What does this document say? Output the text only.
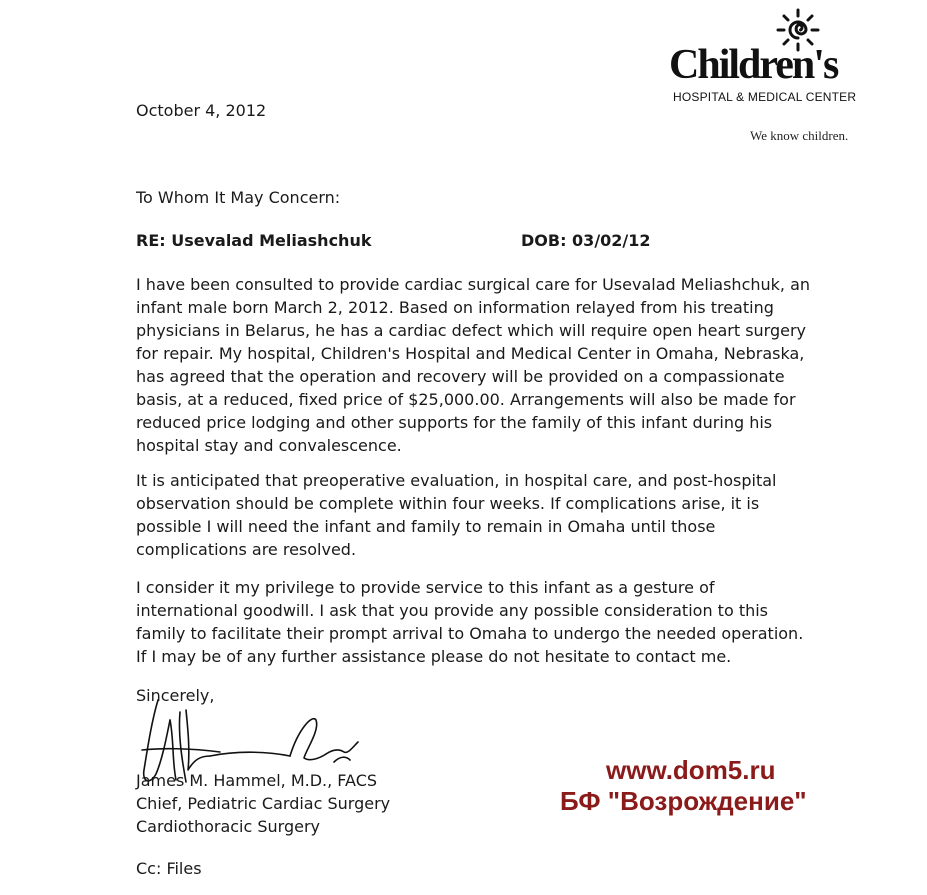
Children's
HOSPITAL & MEDICAL CENTER
We know children.
October 4, 2012
To Whom It May Concern:
RE: Usevalad Meliashchuk	DOB: 03/02/12
I have been consulted to provide cardiac surgical care for Usevalad Meliashchuk, an
infant male born March 2, 2012. Based on information relayed from his treating
physicians in Belarus, he has a cardiac defect which will require open heart surgery
for repair. My hospital, Children's Hospital and Medical Center in Omaha, Nebraska,
has agreed that the operation and recovery will be provided on a compassionate
basis, at a reduced, fixed price of $25,000.00. Arrangements will also be made for
reduced price lodging and other supports for the family of this infant during his
hospital stay and convalescence.
It is anticipated that preoperative evaluation, in hospital care, and post-hospital
observation should be complete within four weeks. If complications arise, it is
possible I will need the infant and family to remain in Omaha until those
complications are resolved.
I consider it my privilege to provide service to this infant as a gesture of
international goodwill. I ask that you provide any possible consideration to this
family to facilitate their prompt arrival to Omaha to undergo the needed operation.
If I may be of any further assistance please do not hesitate to contact me.
Sincerely,
James M. Hammel, M.D., FACS
Chief, Pediatric Cardiac Surgery
Cardiothoracic Surgery
Cc: Files
www.dom5.ru
БФ "Возрождение"
